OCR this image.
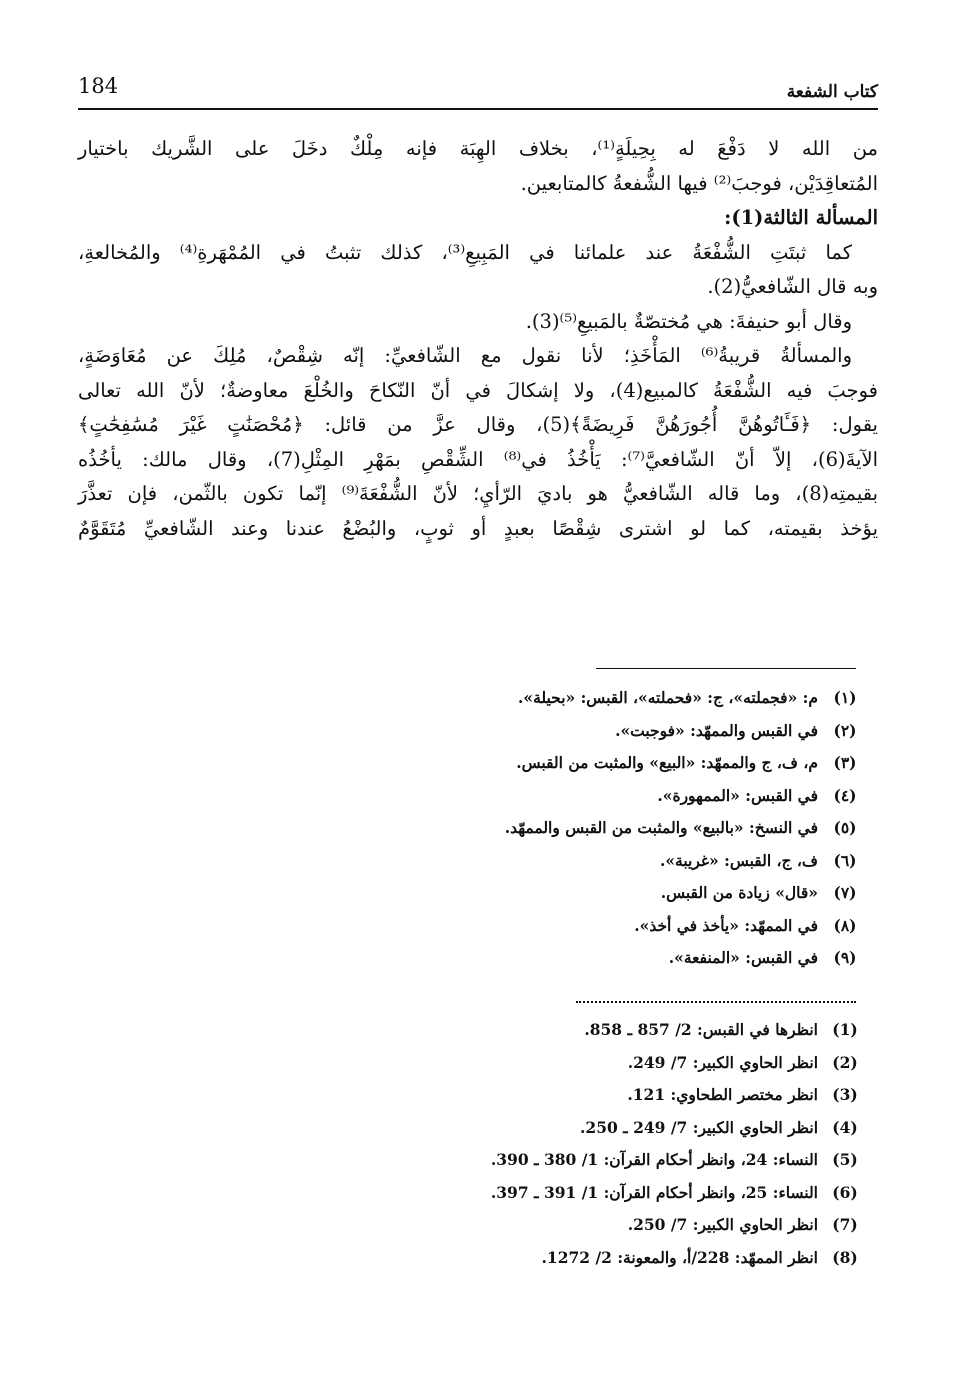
كتاب الشفعة
184

من الله لا دَفْعَ له بِحِيلَةٍ⁽¹⁾، بخلاف الهِبَة فإنه مِلْكٌ دخَلَ على الشَّريك باختيار

المُتعاقِدَيْن، فوجبَ⁽²⁾ فيها الشُّفعةُ كالمتابعين.

المسألة الثالثة(1):

كما ثبتَتِ الشُّفْعَةُ عند علمائنا في المَبِيعِ⁽³⁾، كذلك تثبتُ في المُمْهَرةِ⁽⁴⁾ والمُخالعةِ،

وبه قال الشّافعيُّ(2).

وقال أبو حنيفةَ: هي مُختصّةٌ بالمَبيعِ⁽⁵⁾(3).

والمسألةُ قريبةُ⁽⁶⁾ المَأْخَذِ؛ لأنا نقول مع الشّافعيِّ: إنّه شِقْصٌ، مُلِكَ عن مُعَاوَضَةٍ،

فوجبَ فيه الشُّفْعَةُ كالمبيع(4)، ولا إشكالَ في أنّ النّكاحَ والخُلْعَ معاوضةٌ؛ لأنّ الله تعالى

يقول: ﴿فَـَٔاتُوهُنَّ أُجُورَهُنَّ فَرِيضَةً﴾(5)، وقال عزَّ من قائل: ﴿مُحْصَنَٰتٍ غَيْرَ مُسَٰفِحَٰتٍ﴾

الآيةَ(6)، إلاّ أنّ الشّافعيَّ⁽⁷⁾: يَأْخُذُ في⁽⁸⁾ الشِّقْصِ بمَهْرِ المِثْلِ(7)، وقال مالك: يأخُذُه

بقيمتِه(8)، وما قاله الشّافعيُّ هو باديَ الرّأيِ؛ لأنّ الشُّفْعَةَ⁽⁹⁾ إنّما تكون بالثّمن، فإن تعذَّرَ

يؤخذ بقيمته، كما لو اشترى شِقْصًا بعبدٍ أو ثوبٍ، والبُضْعُ عندنا وعند الشّافعيِّ مُتَقَوَّمٌ

(١)م: «فجملته»، ج: «فحملته»، القبس: «بحيلة».
(٢)في القبس والممهّد: «فوجبت».
(٣)م، ف، ج والممهّد: «البيع» والمثبت من القبس.
(٤)في القبس: «الممهورة».
(٥)في النسخ: «بالبيع» والمثبت من القبس والممهّد.
(٦)ف، ج، القبس: «غريبة».
(٧)«قال» زيادة من القبس.
(٨)في الممهّد: «يأخذ في أخذ».
(٩)في القبس: «المنفعة».
(1)انظرها في القبس: 2/ 857 ـ 858.
(2)انظر الحاوي الكبير: 7/ 249.
(3)انظر مختصر الطحاوي: 121.
(4)انظر الحاوي الكبير: 7/ 249 ـ 250.
(5)النساء: 24، وانظر أحكام القرآن: 1/ 380 ـ 390.
(6)النساء: 25، وانظر أحكام القرآن: 1/ 391 ـ 397.
(7)انظر الحاوي الكبير: 7/ 250.
(8)انظر الممهّد: 228/أ، والمعونة: 2/ 1272.
